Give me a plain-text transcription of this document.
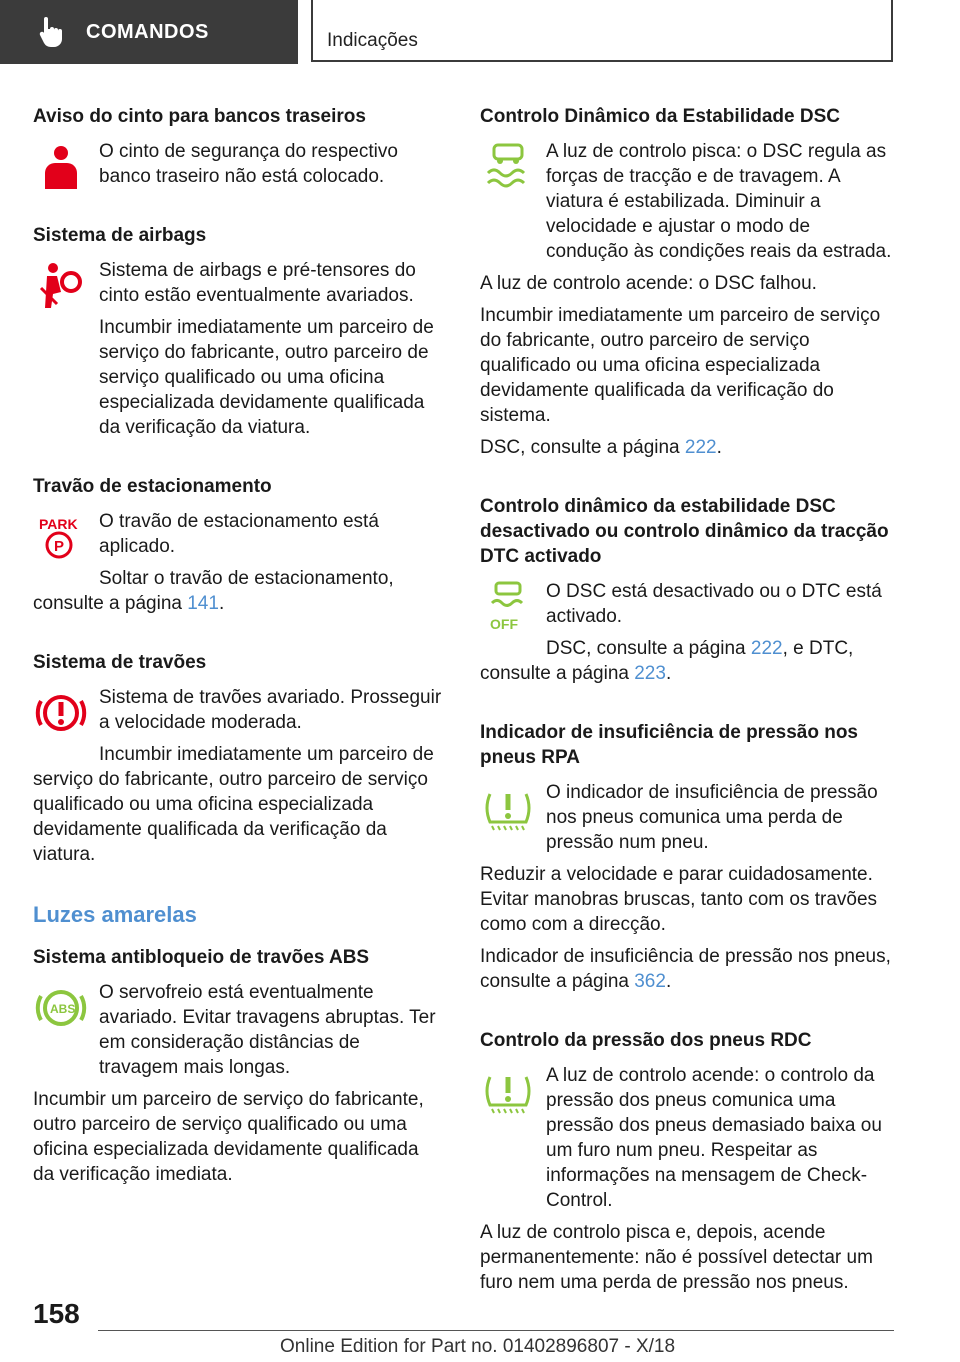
COMANDOS	Indicações
Aviso do cinto para bancos traseiros

O cinto de segurança do respectivo banco traseiro não está colocado.

Sistema de airbags

Sistema de airbags e pré-tensores do cinto estão eventualmente avariados.

Incumbir imediatamente um parceiro de serviço do fabricante, outro parceiro de serviço qualificado ou uma oficina especializada devidamente qualificada da verificação da viatura.

Travão de estacionamento
PARK
P

O travão de estacionamento está aplicado.

Soltar o travão de estacionamento, consulte a página 141.

Sistema de travões

Sistema de travões avariado. Prosseguir a velocidade moderada.

Incumbir imediatamente um parceiro de serviço do fabricante, outro parceiro de serviço qualificado ou uma oficina especializada devidamente qualificada da verificação da viatura.

Luzes amarelas
Sistema antibloqueio de travões ABS
ABS

O servofreio está eventualmente avariado. Evitar travagens abruptas. Ter em consideração distâncias de travagem mais longas.

Incumbir um parceiro de serviço do fabricante, outro parceiro de serviço qualificado ou uma oficina especializada devidamente qualificada da verificação imediata.

Controlo Dinâmico da Estabilidade DSC

A luz de controlo pisca: o DSC regula as forças de tracção e de travagem. A viatura é estabilizada. Diminuir a velocidade e ajustar o modo de condução às condições reais da estrada.

A luz de controlo acende: o DSC falhou.

Incumbir imediatamente um parceiro de serviço do fabricante, outro parceiro de serviço qualificado ou uma oficina especializada devidamente qualificada da verificação do sistema.

DSC, consulte a página 222.

Controlo dinâmico da estabilidade DSC desactivado ou controlo dinâmico da tracção DTC activado
OFF

O DSC está desactivado ou o DTC está activado.

DSC, consulte a página 222, e DTC, consulte a página 223.

Indicador de insuficiência de pressão nos pneus RPA

O indicador de insuficiência de pressão nos pneus comunica uma perda de pressão num pneu.

Reduzir a velocidade e parar cuidadosamente. Evitar manobras bruscas, tanto com os travões como com a direcção.

Indicador de insuficiência de pressão nos pneus, consulte a página 362.

Controlo da pressão dos pneus RDC

A luz de controlo acende: o controlo da pressão dos pneus comunica uma pressão dos pneus demasiado baixa ou um furo num pneu. Respeitar as informações na mensagem de Check-Control.

A luz de controlo pisca e, depois, acende permanentemente: não é possível detectar um furo nem uma perda de pressão nos pneus.

158
Online Edition for Part no. 01402896807 - X/18
